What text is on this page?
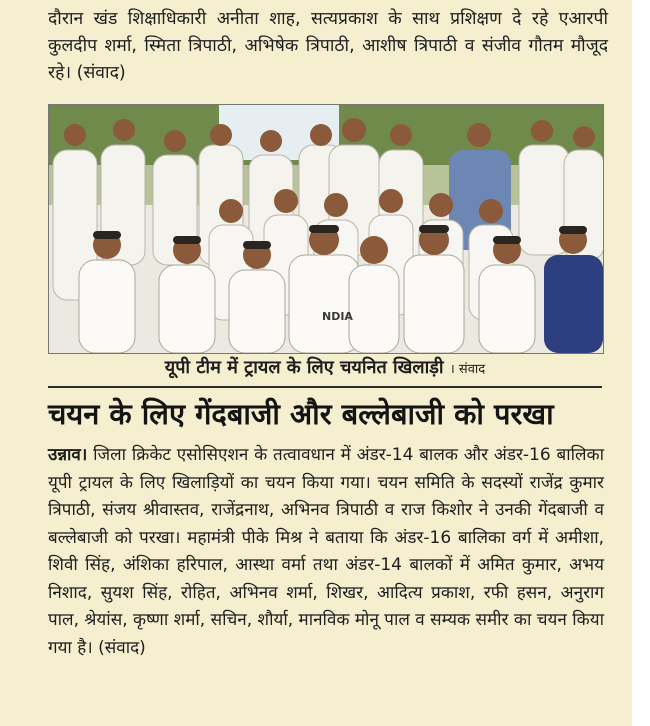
दौरान खंड शिक्षाधिकारी अनीता शाह, सत्यप्रकाश के साथ प्रशिक्षण दे रहे एआरपी कुलदीप शर्मा, स्मिता त्रिपाठी, अभिषेक त्रिपाठी, आशीष त्रिपाठी व संजीव गौतम मौजूद रहे। (संवाद)
NDIA
यूपी टीम में ट्रायल के लिए चयनित खिलाड़ी । संवाद
चयन के लिए गेंदबाजी और बल्लेबाजी को परखा
उन्नाव। जिला क्रिकेट एसोसिएशन के तत्वावधान में अंडर-14 बालक और अंडर-16 बालिका यूपी ट्रायल के लिए खिलाड़ियों का चयन किया गया। चयन समिति के सदस्यों राजेंद्र कुमार त्रिपाठी, संजय श्रीवास्तव, राजेंद्रनाथ, अभिनव त्रिपाठी व राज किशोर ने उनकी गेंदबाजी व बल्लेबाजी को परखा। महामंत्री पीके मिश्र ने बताया कि अंडर-16 बालिका वर्ग में अमीशा, शिवी सिंह, अंशिका हरिपाल, आस्था वर्मा तथा अंडर-14 बालकों में अमित कुमार, अभय निशाद, सुयश सिंह, रोहित, अभिनव शर्मा, शिखर, आदित्य प्रकाश, रफी हसन, अनुराग पाल, श्रेयांस, कृष्णा शर्मा, सचिन, शौर्या, मानविक मोनू पाल व सम्यक समीर का चयन किया गया है। (संवाद)
